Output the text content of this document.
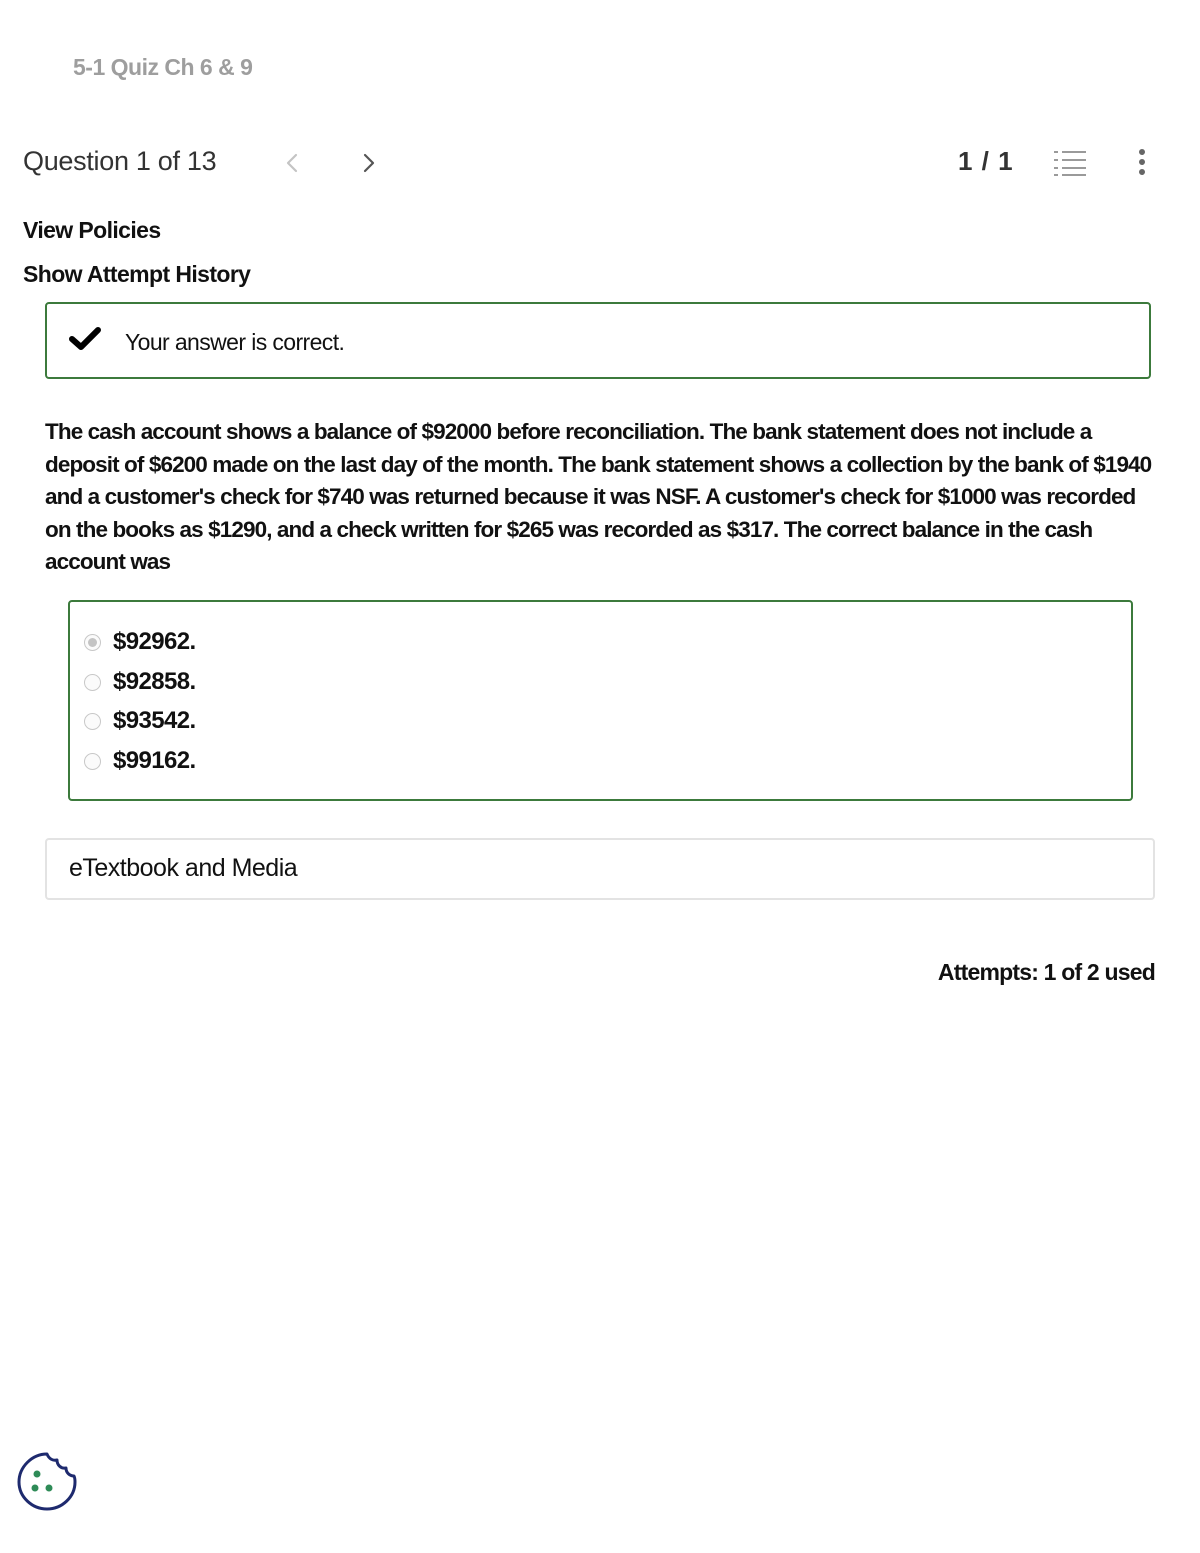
5-1 Quiz Ch 6 & 9
Question 1 of 13	1 / 1
View Policies
Show Attempt History
Your answer is correct.

The cash account shows a balance of $92000 before reconciliation. The bank statement does not include a deposit of $6200 made on the last day of the month. The bank statement shows a collection by the bank of $1940 and a customer's check for $740 was returned because it was NSF. A customer's check for $1000 was recorded on the books as $1290, and a check written for $265 was recorded as $317. The correct balance in the cash account was

$92962.
$92858.
$93542.
$99162.
eTextbook and Media
Attempts: 1 of 2 used
